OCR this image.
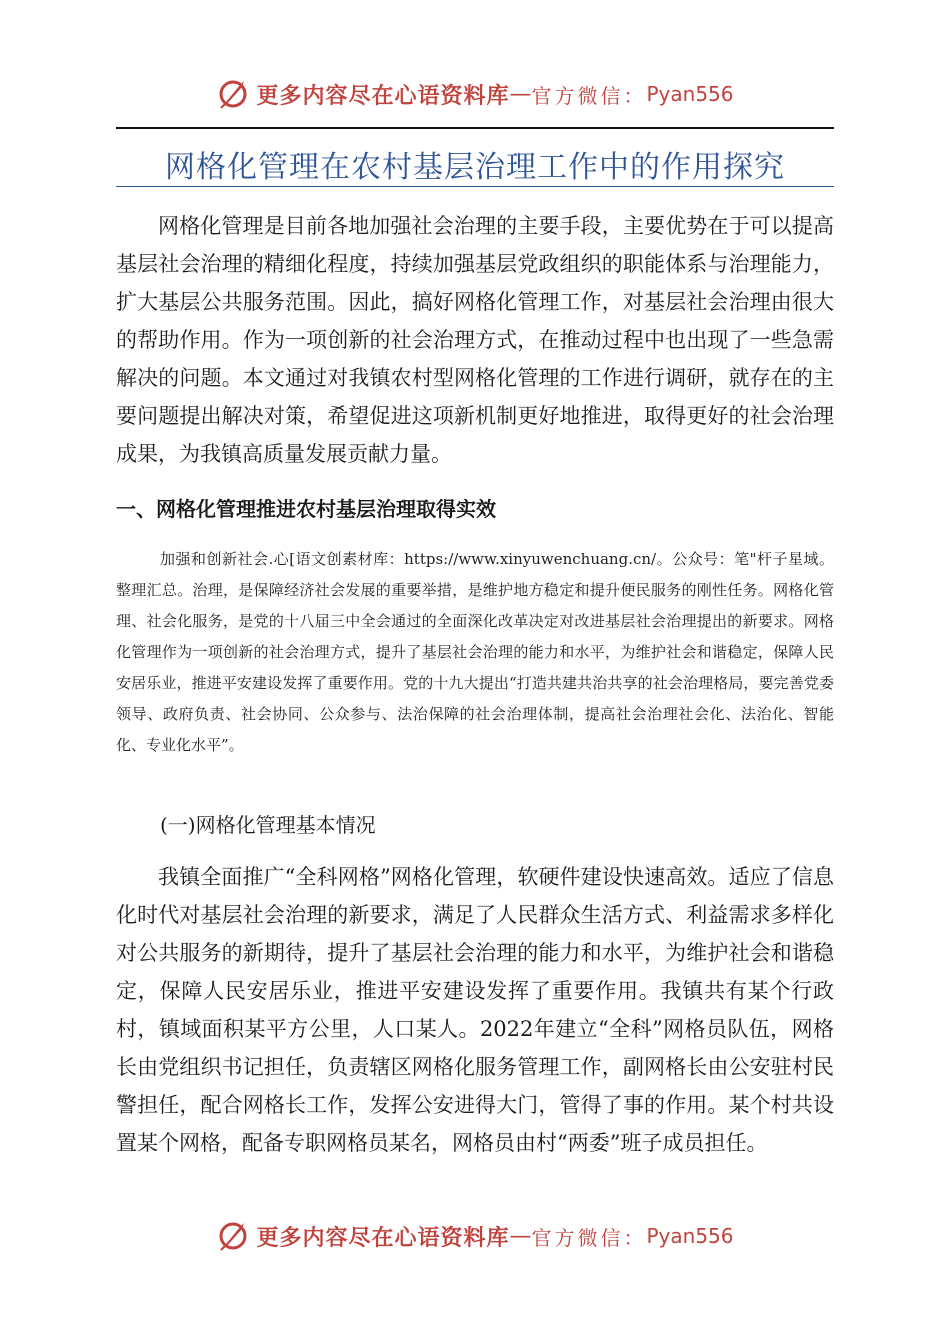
更多内容尽在心语资料库 — 官方微信： Pyan556
网格化管理在农村基层治理工作中的作用探究

网格化管理是目前各地加强社会治理的主要手段，主要优势在于可以提高基层社会治理的精细化程度，持续加强基层党政组织的职能体系与治理能力，扩大基层公共服务范围。因此，搞好网格化管理工作，对基层社会治理由很大的帮助作用。作为一项创新的社会治理方式，在推动过程中也出现了一些急需解决的问题。本文通过对我镇农村型网格化管理的工作进行调研，就存在的主要问题提出解决对策，希望促进这项新机制更好地推进，取得更好的社会治理成果，为我镇高质量发展贡献力量。

一、网格化管理推进农村基层治理取得实效

加强和创新社会.心[语文创素材库：https://www.xinyuwenchuang.cn/。公众号：笔"杆子星域。整理汇总。治理，是保障经济社会发展的重要举措，是维护地方稳定和提升便民服务的刚性任务。网格化管理、社会化服务，是党的十八届三中全会通过的全面深化改革决定对改进基层社会治理提出的新要求。网格化管理作为一项创新的社会治理方式，提升了基层社会治理的能力和水平，为维护社会和谐稳定，保障人民安居乐业，推进平安建设发挥了重要作用。党的十九大提出“打造共建共治共享的社会治理格局，要完善党委领导、政府负责、社会协同、公众参与、法治保障的社会治理体制，提高社会治理社会化、法治化、智能化、专业化水平”。

(一)网格化管理基本情况

我镇全面推广“全科网格”网格化管理，软硬件建设快速高效。适应了信息化时代对基层社会治理的新要求，满足了人民群众生活方式、利益需求多样化对公共服务的新期待，提升了基层社会治理的能力和水平，为维护社会和谐稳定，保障人民安居乐业，推进平安建设发挥了重要作用。我镇共有某个行政村，镇域面积某平方公里，人口某人。2022年建立“全科”网格员队伍，网格长由党组织书记担任，负责辖区网格化服务管理工作，副网格长由公安驻村民警担任，配合网格长工作，发挥公安进得大门，管得了事的作用。某个村共设置某个网格，配备专职网格员某名，网格员由村“两委”班子成员担任。

更多内容尽在心语资料库 — 官方微信： Pyan556
